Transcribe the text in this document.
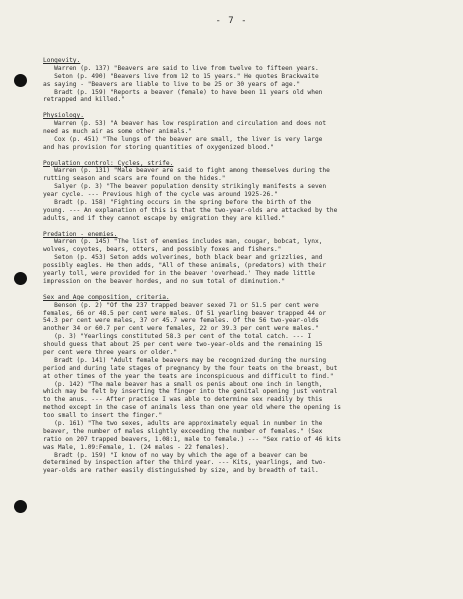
- 7 -
Longevity.
Warren (p. 137) "Beavers are said to live from twelve to fifteen years.
Seton (p. 490) "Beavers live from 12 to 15 years." He quotes Brackwaite
as saying - "Beavers are liable to live to be 25 or 30 years of age."
Bradt (p. 159) "Reports a beaver (female) to have been 11 years old when
retrapped and killed."
Physiology.
Warren (p. 53) "A beaver has low respiration and circulation and does not
need as much air as some other animals."
Cox (p. 451) "The lungs of the beaver are small, the liver is very large
and has provision for storing quantities of oxygenized blood."
Population control: Cycles, strife.
Warren (p. 131) "Male beaver are said to fight among themselves during the
rutting season and scars are found on the hides."
Salyer (p. 3) "The beaver population density strikingly manifests a seven
year cycle. --- Previous high of the cycle was around 1925-26."
Bradt (p. 158) "Fighting occurs in the spring before the birth of the
young. --- An explanation of this is that the two-year-olds are attacked by the
adults, and if they cannot escape by emigration they are killed."
Predation - enemies.
Warren (p. 145) "The list of enemies includes man, cougar, bobcat, lynx,
wolves, coyotes, bears, otters, and possibly foxes and fishers."
Seton (p. 453) Seton adds wolverines, both black bear and grizzlies, and
possibly eagles. He then adds, "All of these animals, (predators) with their
yearly toll, were provided for in the beaver 'overhead.' They made little
impression on the beaver hordes, and no sum total of diminution."
Sex and Age composition, criteria.
Benson (p. 2) "Of the 237 trapped beaver sexed 71 or 51.5 per cent were
females, 66 or 48.5 per cent were males. Of 51 yearling beaver trapped 44 or
54.3 per cent were males, 37 or 45.7 were females. Of the 56 two-year-olds
another 34 or 60.7 per cent were females, 22 or 39.3 per cent were males."
(p. 3) "Yearlings constituted 58.3 per cent of the total catch. --- I
should guess that about 25 per cent were two-year-olds and the remaining 15
per cent were three years or older."
Bradt (p. 141) "Adult female beavers may be recognized during the nursing
period and during late stages of pregnancy by the four teats on the breast, but
at other times of the year the teats are inconspicuous and difficult to find."
(p. 142) "The male beaver has a small os penis about one inch in length,
which may be felt by inserting the finger into the genital opening just ventral
to the anus. --- After practice I was able to determine sex readily by this
method except in the case of animals less than one year old where the opening is
too small to insert the finger."
(p. 161) "The two sexes, adults are approximately equal in number in the
beaver, the number of males slightly exceeding the number of females." (Sex
ratio on 207 trapped beavers, 1.08:1, male to female.) --- "Sex ratio of 46 kits
was Male, 1.09:Female, 1. (24 males - 22 females).
Bradt (p. 159) "I know of no way by which the age of a beaver can be
determined by inspection after the third year. --- Kits, yearlings, and two-
year-olds are rather easily distinguished by size, and by breadth of tail.
